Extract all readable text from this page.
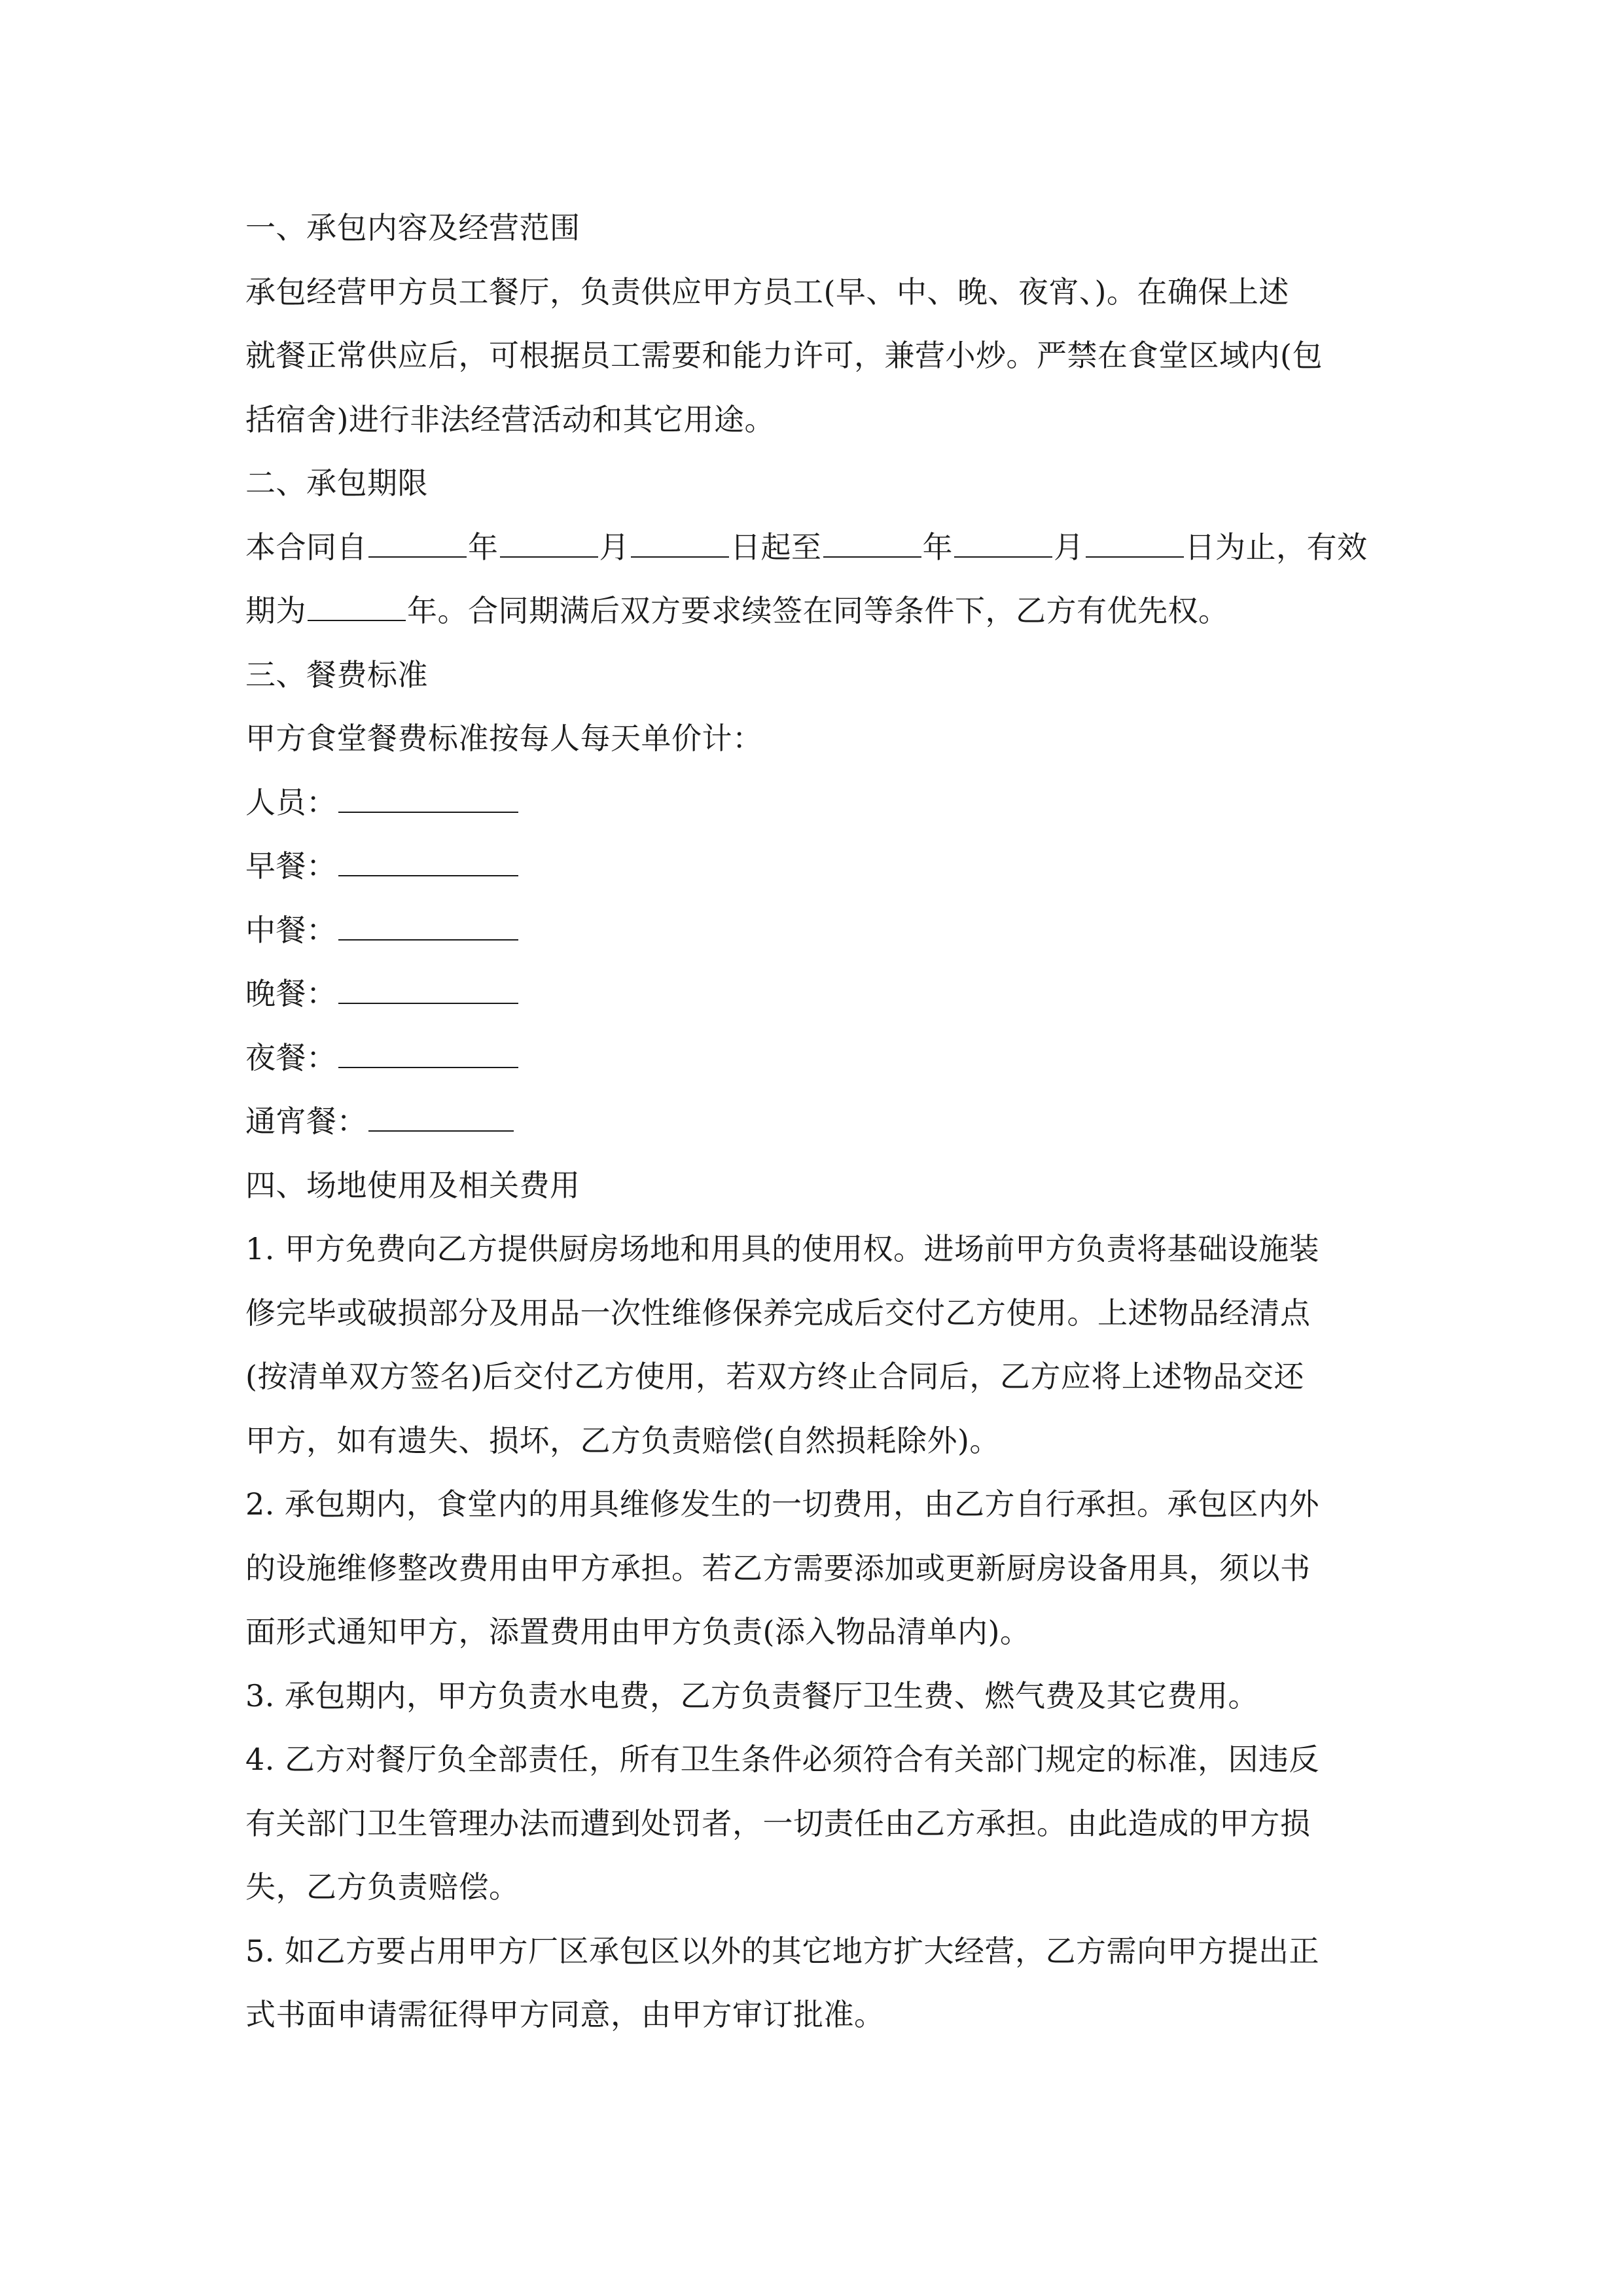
一、承包内容及经营范围
承包经营甲方员工餐厅，负责供应甲方员工(早、中、晚、夜宵、)。在确保上述
就餐正常供应后，可根据员工需要和能力许可，兼营小炒。严禁在食堂区域内(包
括宿舍)进行非法经营活动和其它用途。
二、承包期限
本合同自	年	月	日起至	年	月	日为止，有效
期为	年。合同期满后双方要求续签在同等条件下，乙方有优先权。
三、餐费标准
甲方食堂餐费标准按每人每天单价计：
人员：
早餐：
中餐：
晚餐：
夜餐：
通宵餐：
四、场地使用及相关费用
1. 甲方免费向乙方提供厨房场地和用具的使用权。进场前甲方负责将基础设施装
修完毕或破损部分及用品一次性维修保养完成后交付乙方使用。上述物品经清点
(按清单双方签名)后交付乙方使用，若双方终止合同后，乙方应将上述物品交还
甲方，如有遗失、损坏，乙方负责赔偿(自然损耗除外)。
2. 承包期内，食堂内的用具维修发生的一切费用，由乙方自行承担。承包区内外
的设施维修整改费用由甲方承担。若乙方需要添加或更新厨房设备用具，须以书
面形式通知甲方，添置费用由甲方负责(添入物品清单内)。
3. 承包期内，甲方负责水电费，乙方负责餐厅卫生费、燃气费及其它费用。
4. 乙方对餐厅负全部责任，所有卫生条件必须符合有关部门规定的标准，因违反
有关部门卫生管理办法而遭到处罚者，一切责任由乙方承担。由此造成的甲方损
失，乙方负责赔偿。
5. 如乙方要占用甲方厂区承包区以外的其它地方扩大经营，乙方需向甲方提出正
式书面申请需征得甲方同意，由甲方审订批准。
